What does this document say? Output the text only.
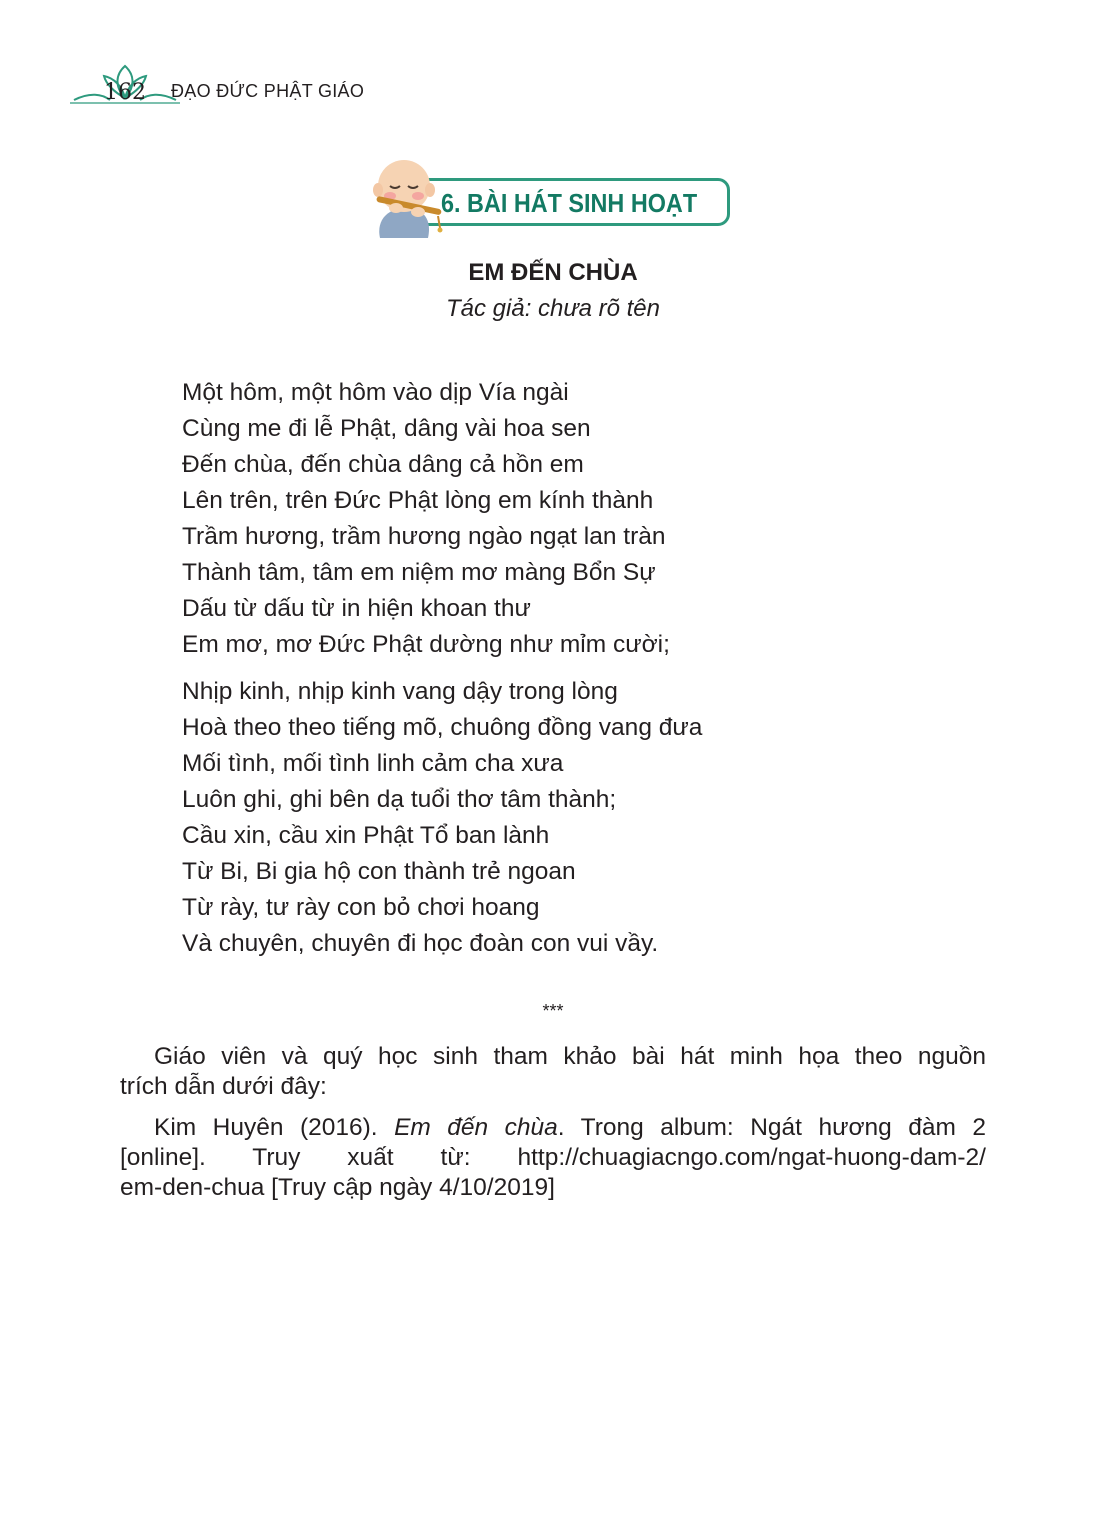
162 ĐẠO ĐỨC PHẬT GIÁO
6. BÀI HÁT SINH HOẠT
EM ĐẾN CHÙA
Tác giả: chưa rõ tên
Một hôm, một hôm vào dịp Vía ngài
Cùng me đi lễ Phật, dâng vài hoa sen
Đến chùa, đến chùa dâng cả hồn em
Lên trên, trên Đức Phật lòng em kính thành
Trầm hương, trầm hương ngào ngạt lan tràn
Thành tâm, tâm em niệm mơ màng Bổn Sự
Dấu từ dấu từ in hiện khoan thư
Em mơ, mơ Đức Phật dường như mỉm cười;
Nhịp kinh, nhịp kinh vang dậy trong lòng
Hoà theo theo tiếng mõ, chuông đồng vang đưa
Mối tình, mối tình linh cảm cha xưa
Luôn ghi, ghi bên dạ tuổi thơ tâm thành;
Cầu xin, cầu xin Phật Tổ ban lành
Từ Bi, Bi gia hộ con thành trẻ ngoan
Từ rày, tư rày con bỏ chơi hoang
Và chuyên, chuyên đi học đoàn con vui vầy.
***
Giáo viên và quý học sinh tham khảo bài hát minh họa theo nguồn
trích dẫn dưới đây:
Kim Huyên (2016). Em đến chùa. Trong album: Ngát hương đàm 2
[online]. Truy xuất từ: http://chuagiacngo.com/ngat-huong-dam-2/
em-den-chua [Truy cập ngày 4/10/2019]
